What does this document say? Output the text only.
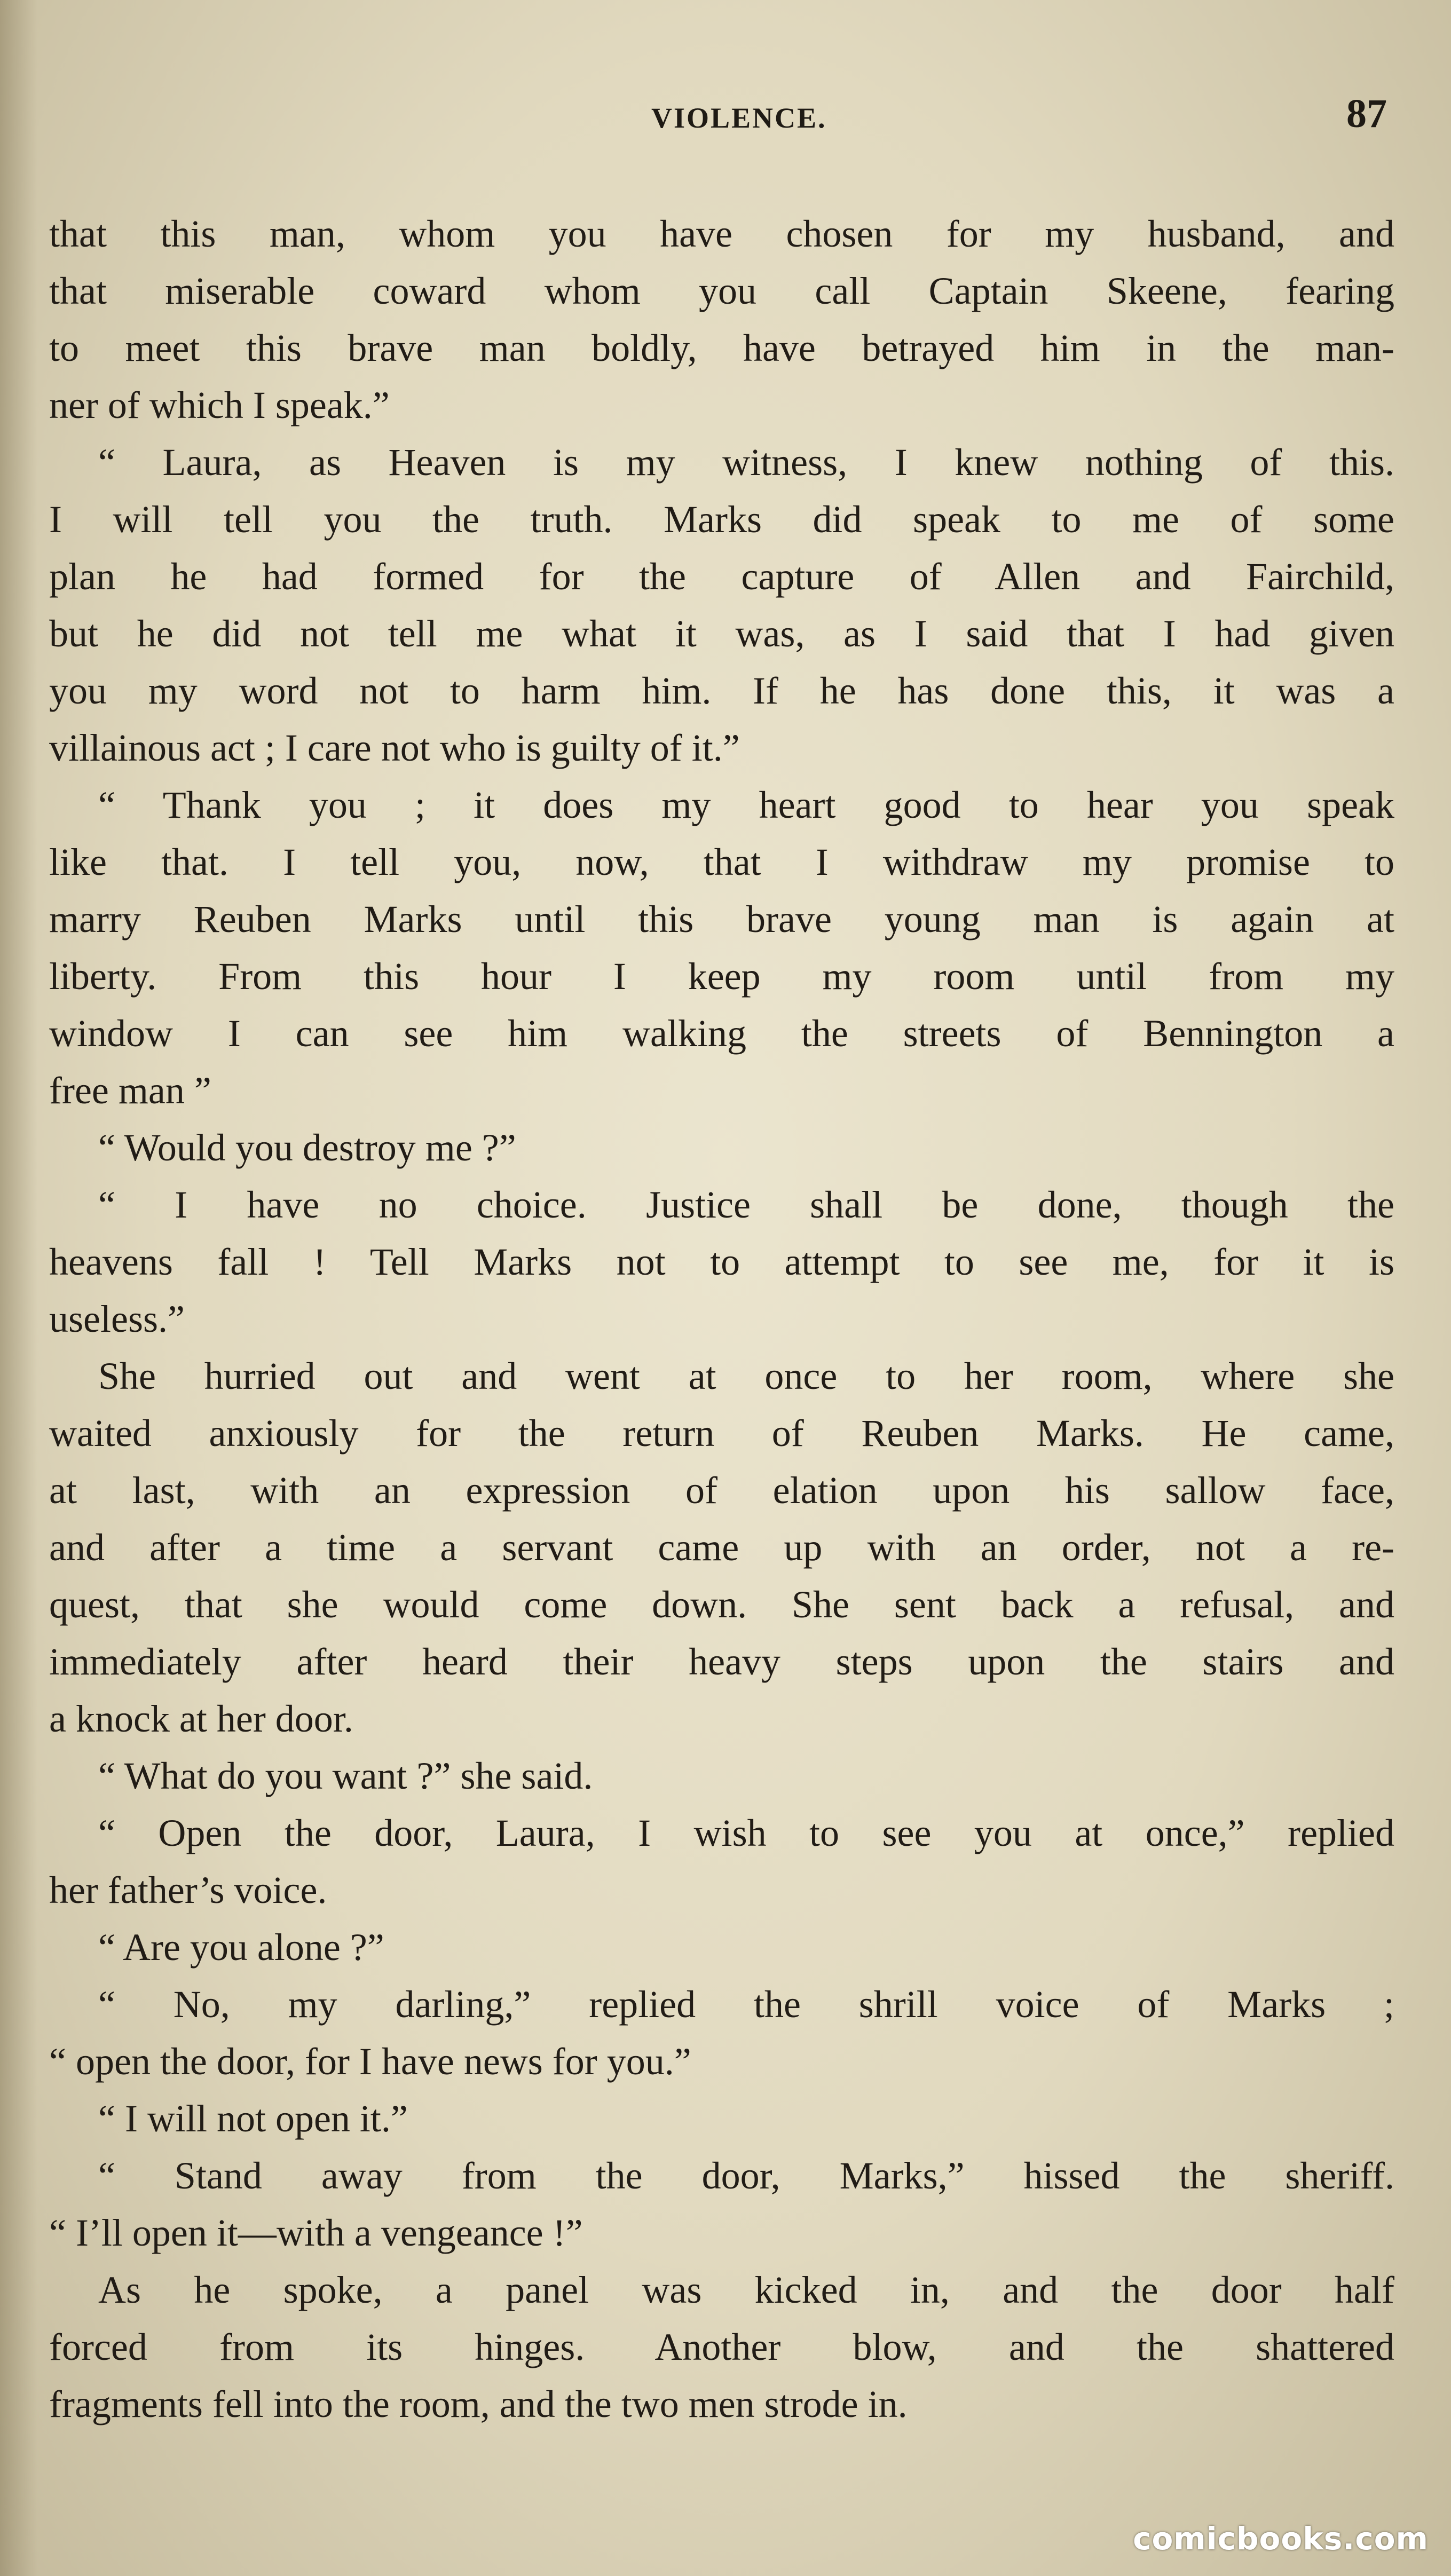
VIOLENCE.	87
that this man, whom you have chosen for my husband, and
that miserable coward whom you call Captain Skeene, fearing
to meet this brave man boldly, have betrayed him in the man-
ner of which I speak.”
“ Laura, as Heaven is my witness, I knew nothing of this.
I will tell you the truth. Marks did speak to me of some
plan he had formed for the capture of Allen and Fairchild,
but he did not tell me what it was, as I said that I had given
you my word not to harm him. If he has done this, it was a
villainous act ; I care not who is guilty of it.”
“ Thank you ; it does my heart good to hear you speak
like that. I tell you, now, that I withdraw my promise to
marry Reuben Marks until this brave young man is again at
liberty. From this hour I keep my room until from my
window I can see him walking the streets of Bennington a
free man ”
“ Would you destroy me ?”
“ I have no choice. Justice shall be done, though the
heavens fall ! Tell Marks not to attempt to see me, for it is
useless.”
She hurried out and went at once to her room, where she
waited anxiously for the return of Reuben Marks. He came,
at last, with an expression of elation upon his sallow face,
and after a time a servant came up with an order, not a re-
quest, that she would come down. She sent back a refusal, and
immediately after heard their heavy steps upon the stairs and
a knock at her door.
“ What do you want ?” she said.
“ Open the door, Laura, I wish to see you at once,” replied
her father’s voice.
“ Are you alone ?”
“ No, my darling,” replied the shrill voice of Marks ;
“ open the door, for I have news for you.”
“ I will not open it.”
“ Stand away from the door, Marks,” hissed the sheriff.
“ I’ll open it—with a vengeance !”
As he spoke, a panel was kicked in, and the door half
forced from its hinges. Another blow, and the shattered
fragments fell into the room, and the two men strode in.
comicbooks.com
